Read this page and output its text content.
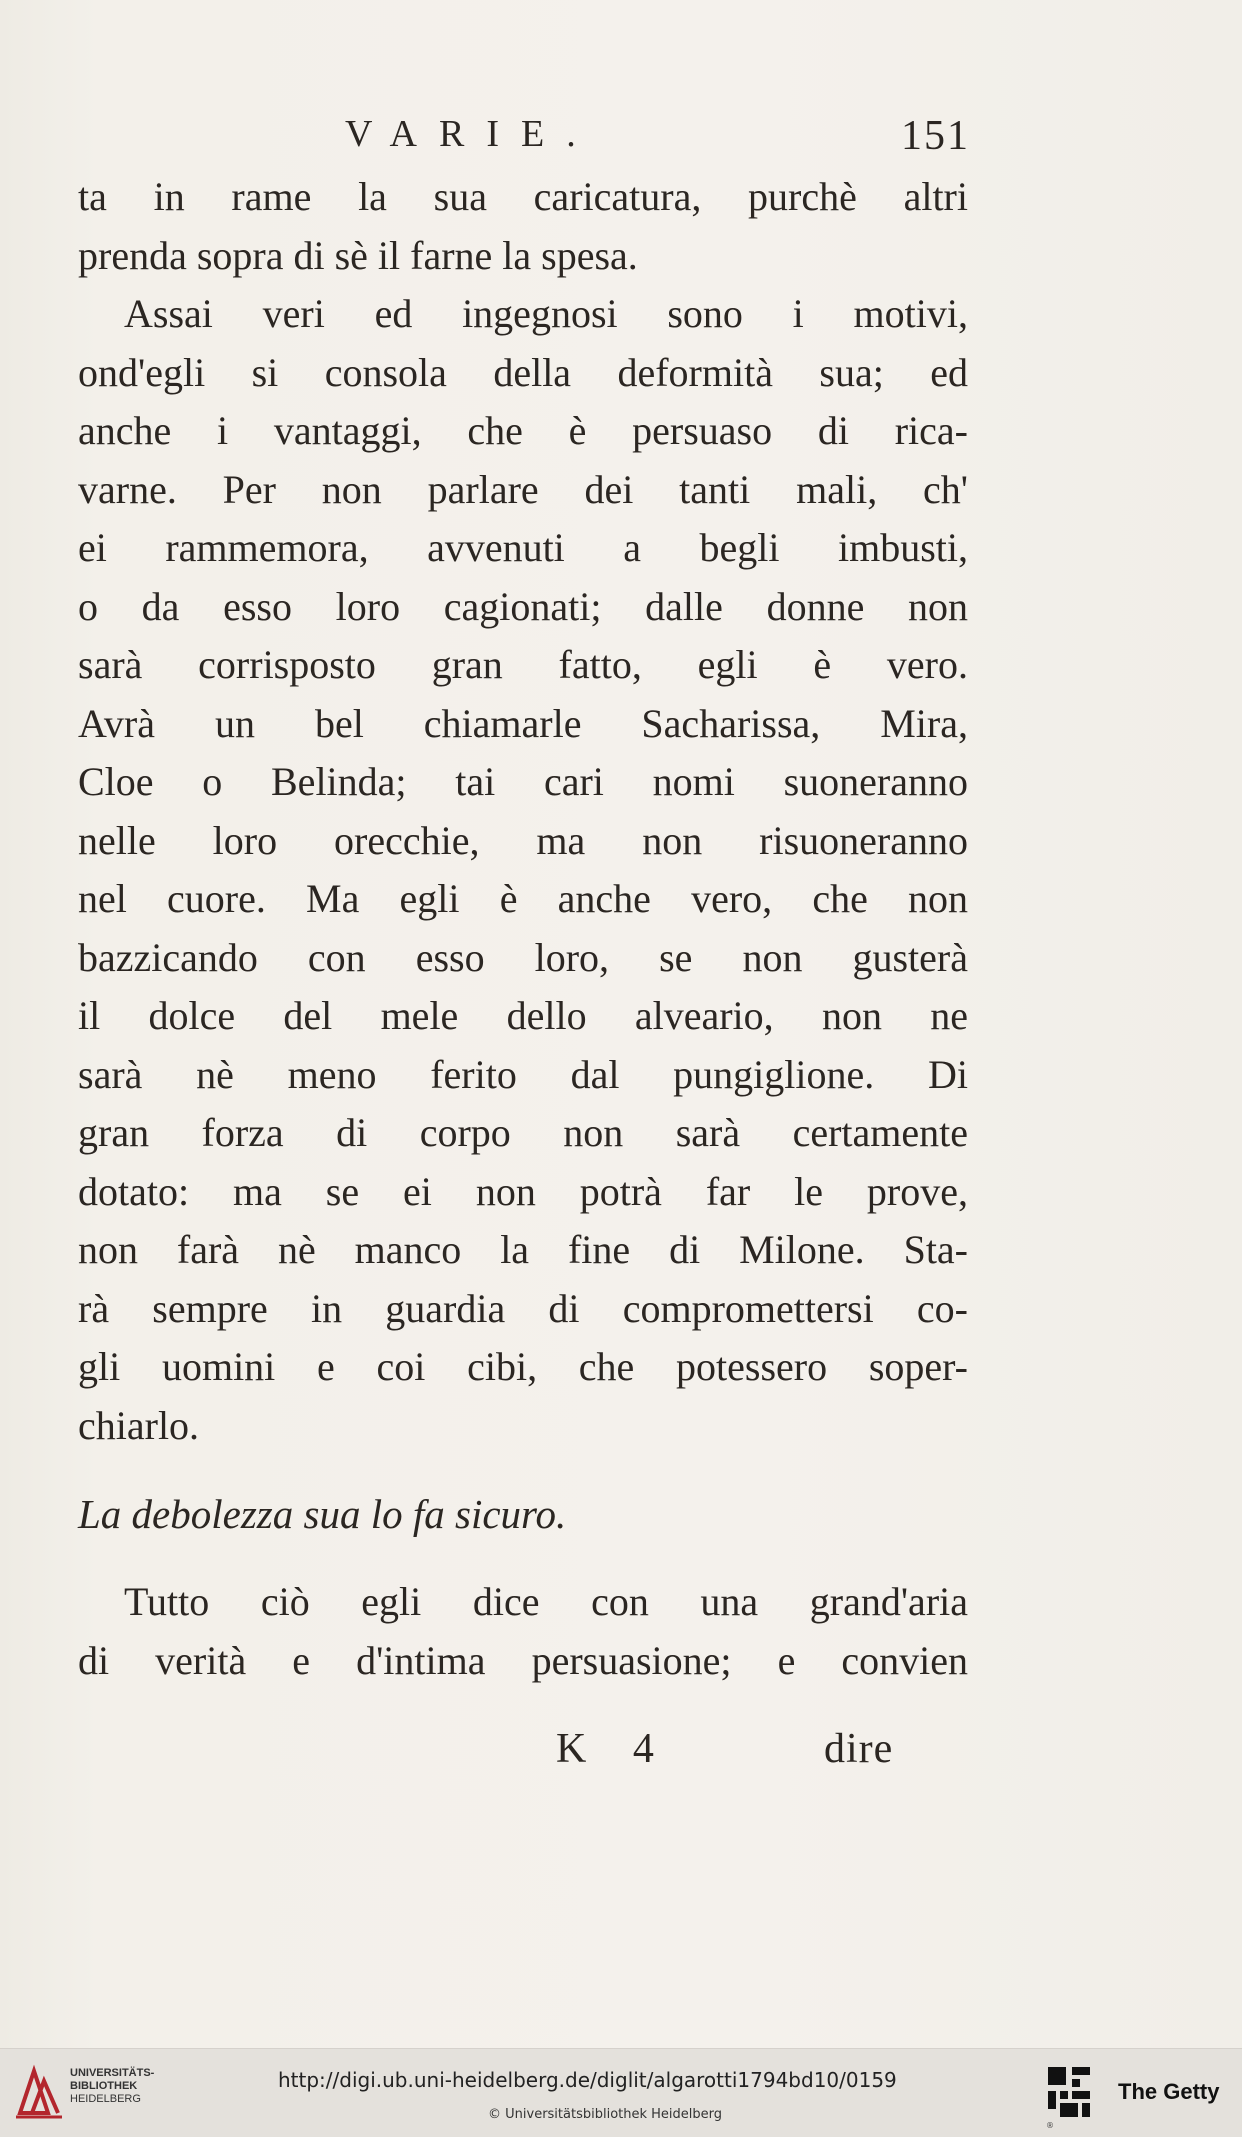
VARIE.	151
ta in rame la sua caricatura, purchè altri
prenda sopra di sè il farne la spesa.
Assai veri ed ingegnosi sono i motivi,
ond'egli si consola della deformità sua; ed
anche i vantaggi, che è persuaso di rica-
varne. Per non parlare dei tanti mali, ch'
ei rammemora, avvenuti a begli imbusti,
o da esso loro cagionati; dalle donne non
sarà corrisposto gran fatto, egli è vero.
Avrà un bel chiamarle Sacharissa, Mira,
Cloe o Belinda; tai cari nomi suoneranno
nelle loro orecchie, ma non risuoneranno
nel cuore. Ma egli è anche vero, che non
bazzicando con esso loro, se non gusterà
il dolce del mele dello alveario, non ne
sarà nè meno ferito dal pungiglione. Di
gran forza di corpo non sarà certamente
dotato: ma se ei non potrà far le prove,
non farà nè manco la fine di Milone. Sta-
rà sempre in guardia di compromettersi co-
gli uomini e coi cibi, che potessero soper-
chiarlo.
La debolezza sua lo fa sicuro.
Tutto ciò egli dice con una grand'aria
di verità e d'intima persuasione; e convien
K 4	dire
UNIVERSITÄTS-
BIBLIOTHEK
HEIDELBERG
http://digi.ub.uni-heidelberg.de/diglit/algarotti1794bd10/0159
© Universitätsbibliothek Heidelberg
®
The Getty
